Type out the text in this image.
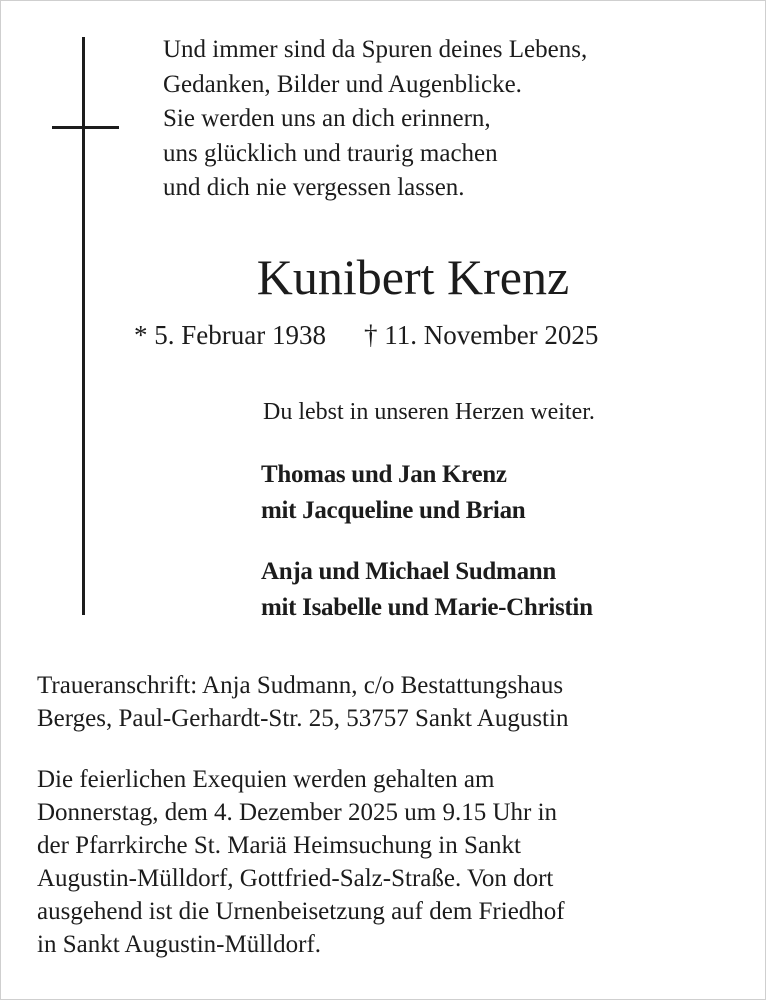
Und immer sind da Spuren deines Lebens,
Gedanken, Bilder und Augenblicke.
Sie werden uns an dich erinnern,
uns glücklich und traurig machen
und dich nie vergessen lassen.
Kunibert Krenz
* 5. Februar 1938 † 11. November 2025
Du lebst in unseren Herzen weiter.
Thomas und Jan Krenz
mit Jacqueline und Brian
Anja und Michael Sudmann
mit Isabelle und Marie-Christin
Traueranschrift: Anja Sudmann, c/o Bestattungshaus
Berges, Paul-Gerhardt-Str. 25, 53757 Sankt Augustin
Die feierlichen Exequien werden gehalten am
Donnerstag, dem 4. Dezember 2025 um 9.15 Uhr in
der Pfarrkirche St. Mariä Heimsuchung in Sankt
Augustin-Mülldorf, Gottfried-Salz-Straße. Von dort
ausgehend ist die Urnenbeisetzung auf dem Friedhof
in Sankt Augustin-Mülldorf.
